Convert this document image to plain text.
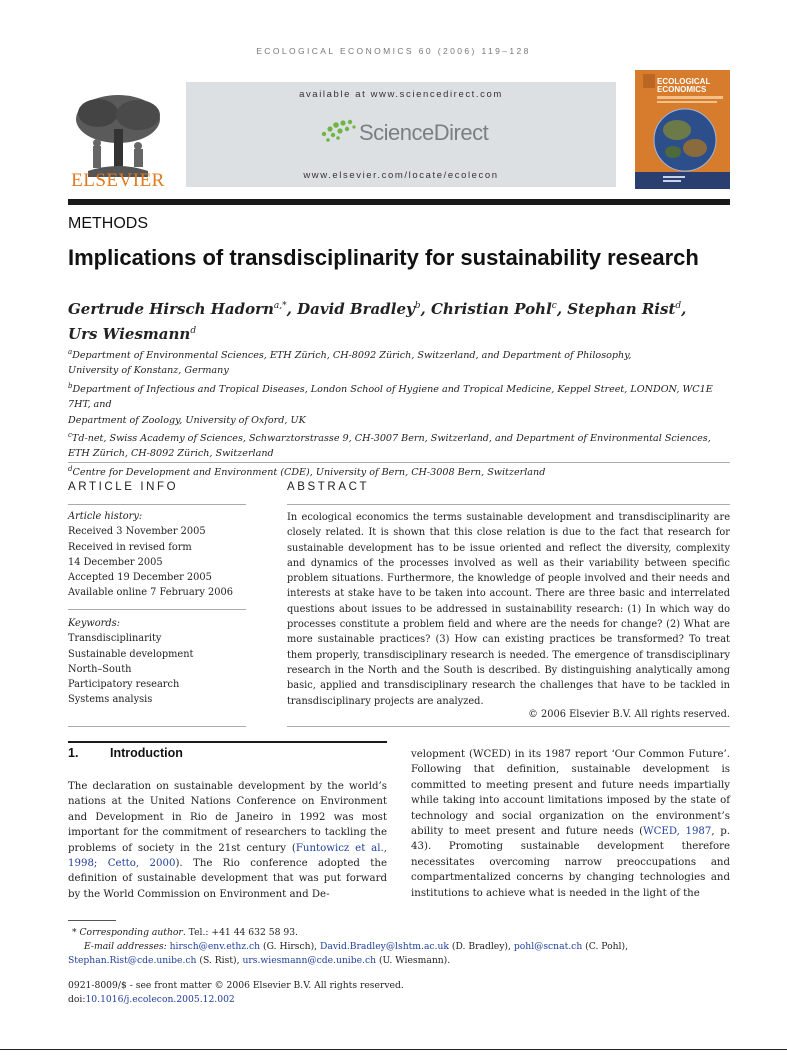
ECOLOGICAL ECONOMICS 60 (2006) 119–128
ELSEVIER
available at www.sciencedirect.com
ScienceDirect
www.elsevier.com/locate/ecolecon
ECOLOGICAL
ECONOMICS
METHODS
Implications of transdisciplinarity for sustainability research
Gertrude Hirsch Hadorn$^{a,*}$, David Bradley$^b$, Christian Pohl$^c$, Stephan Rist$^d$,
Urs Wiesmann$^d$
$^a$Department of Environmental Sciences, ETH Zürich, CH-8092 Zürich, Switzerland, and Department of Philosophy,
University of Konstanz, Germany
$^b$Department of Infectious and Tropical Diseases, London School of Hygiene and Tropical Medicine, Keppel Street, LONDON, WC1E 7HT, and
Department of Zoology, University of Oxford, UK
$^c$Td-net, Swiss Academy of Sciences, Schwarztorstrasse 9, CH-3007 Bern, Switzerland, and Department of Environmental Sciences,
ETH Zürich, CH-8092 Zürich, Switzerland
$^d$Centre for Development and Environment (CDE), University of Bern, CH-3008 Bern, Switzerland
ARTICLE INFO
Article history:
Received 3 November 2005
Received in revised form
14 December 2005
Accepted 19 December 2005
Available online 7 February 2006
Keywords:
Transdisciplinarity
Sustainable development
North–South
Participatory research
Systems analysis
ABSTRACT
In ecological economics the terms sustainable development and transdisciplinarity are closely related. It is shown that this close relation is due to the fact that research for sustainable development has to be issue oriented and reflect the diversity, complexity and dynamics of the processes involved as well as their variability between specific problem situations. Furthermore, the knowledge of people involved and their needs and interests at stake have to be taken into account. There are three basic and interrelated questions about issues to be addressed in sustainability research: (1) In which way do processes constitute a problem field and where are the needs for change? (2) What are more sustainable practices? (3) How can existing practices be transformed? To treat them properly, transdisciplinary research is needed. The emergence of transdisciplinary research in the North and the South is described. By distinguishing analytically among basic, applied and transdisciplinary research the challenges that have to be tackled in transdisciplinary projects are analyzed.
© 2006 Elsevier B.V. All rights reserved.
1.	Introduction
The declaration on sustainable development by the world’s nations at the United Nations Conference on Environment and Development in Rio de Janeiro in 1992 was most important for the commitment of researchers to tackling the problems of society in the 21st century (Funtowicz et al., 1998; Cetto, 2000). The Rio conference adopted the definition of sustainable development that was put forward by the World Commission on Environment and De-
velopment (WCED) in its 1987 report ‘Our Common Future’. Following that definition, sustainable development is committed to meeting present and future needs impartially while taking into account limitations imposed by the state of technology and social organization on the environment’s ability to meet present and future needs (WCED, 1987, p. 43). Promoting sustainable development therefore necessitates overcoming narrow preoccupations and compartmentalized concerns by changing technologies and institutions to achieve what is needed in the light of the
* Corresponding author. Tel.: +41 44 632 58 93.
E-mail addresses: hirsch@env.ethz.ch (G. Hirsch), David.Bradley@lshtm.ac.uk (D. Bradley), pohl@scnat.ch (C. Pohl),
Stephan.Rist@cde.unibe.ch (S. Rist), urs.wiesmann@cde.unibe.ch (U. Wiesmann).
0921-8009/$ - see front matter © 2006 Elsevier B.V. All rights reserved.
doi:10.1016/j.ecolecon.2005.12.002
